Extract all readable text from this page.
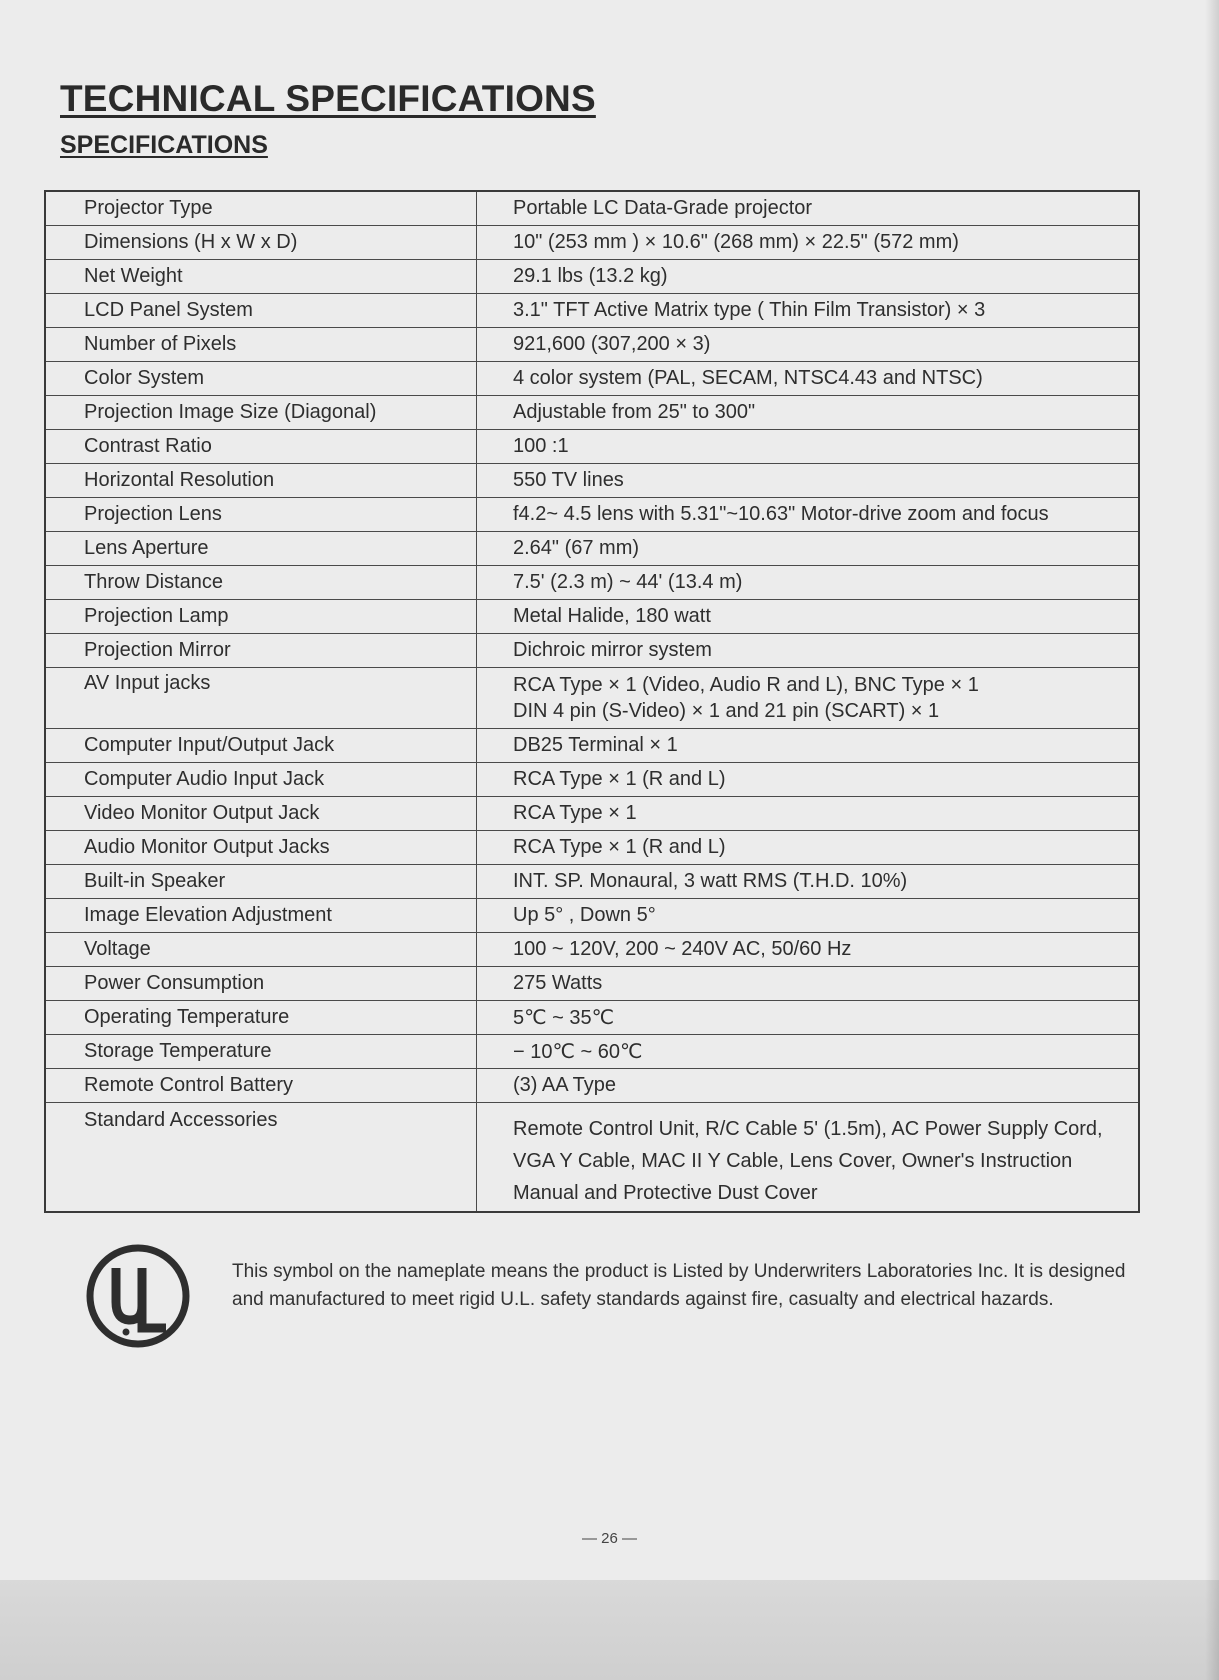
TECHNICAL SPECIFICATIONS
SPECIFICATIONS
Projector Type	Portable LC Data-Grade projector

Dimensions (H x W x D)	10" (253 mm ) × 10.6" (268 mm) × 22.5" (572 mm)

Net Weight	29.1 lbs (13.2 kg)

LCD Panel System	3.1" TFT Active Matrix type ( Thin Film Transistor) × 3

Number of Pixels	921,600 (307,200 × 3)

Color System	4 color system (PAL, SECAM, NTSC4.43 and NTSC)

Projection Image Size (Diagonal)	Adjustable from 25" to 300"

Contrast Ratio	100 :1

Horizontal Resolution	550 TV lines

Projection Lens	f4.2~ 4.5 lens with 5.31"~10.63" Motor-drive zoom and focus

Lens Aperture	2.64" (67 mm)

Throw Distance	7.5' (2.3 m) ~ 44' (13.4 m)

Projection Lamp	Metal Halide, 180 watt

Projection Mirror	Dichroic mirror system

AV Input jacks	RCA Type × 1 (Video, Audio R and L), BNC Type × 1
DIN 4 pin (S-Video) × 1 and 21 pin (SCART) × 1

Computer Input/Output Jack	DB25 Terminal × 1

Computer Audio Input Jack	RCA Type × 1 (R and L)

Video Monitor Output Jack	RCA Type × 1

Audio Monitor Output Jacks	RCA Type × 1 (R and L)

Built-in Speaker	INT. SP. Monaural, 3 watt RMS (T.H.D. 10%)

Image Elevation Adjustment	Up 5° , Down 5°

Voltage	100 ~ 120V, 200 ~ 240V AC, 50/60 Hz

Power Consumption	275 Watts

Operating Temperature	5℃ ~ 35℃

Storage Temperature	− 10℃ ~ 60℃

Remote Control Battery	(3) AA Type

Standard Accessories	Remote Control Unit, R/C Cable 5' (1.5m), AC Power Supply Cord,
VGA Y Cable, MAC II Y Cable, Lens Cover, Owner's Instruction
Manual and Protective Dust Cover
UL

This symbol on the nameplate means the product is Listed by Underwriters Laboratories Inc. It is designed and manufactured to meet rigid U.L. safety standards against fire, casualty and electrical hazards.

— 26 —
